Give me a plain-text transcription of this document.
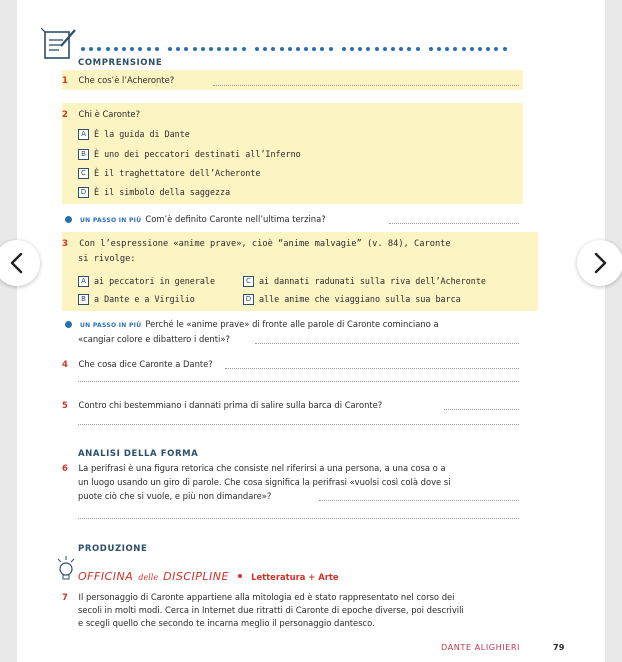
COMPRENSIONE
1 Che cos’è l’Acheronte?
2 Chi è Caronte?
A È la guida di Dante
B È uno dei peccatori destinati all’Inferno
C È il traghettatore dell’Acheronte
D È il simbolo della saggezza
UN PASSO IN PIÙ Com’è definito Caronte nell’ultima terzina?
3 Con l’espressione «anime prave», cioè “anime malvagie” (v. 84), Caronte
si rivolge:
A ai peccatori in generale	C ai dannati radunati sulla riva dell’Acheronte
B a Dante e a Virgilio	D alle anime che viaggiano sulla sua barca
UN PASSO IN PIÙ Perché le «anime prave» di fronte alle parole di Caronte cominciano a
«cangiar colore e dibattero i denti»?
4 Che cosa dice Caronte a Dante?
5 Contro chi bestemmiano i dannati prima di salire sulla barca di Caronte?
ANALISI DELLA FORMA
6 La perifrasi è una figura retorica che consiste nel riferirsi a una persona, a una cosa o a
un luogo usando un giro di parole. Che cosa significa la perifrasi «vuolsi così colà dove si
puote ciò che si vuole, e più non dimandare»?
PRODUZIONE
OFFICINA delle DISCIPLINE	Letteratura + Arte
7 Il personaggio di Caronte appartiene alla mitologia ed è stato rappresentato nel corso dei
secoli in molti modi. Cerca in Internet due ritratti di Caronte di epoche diverse, poi descrivili
e scegli quello che secondo te incarna meglio il personaggio dantesco.
DANTE ALIGHIERI	79
